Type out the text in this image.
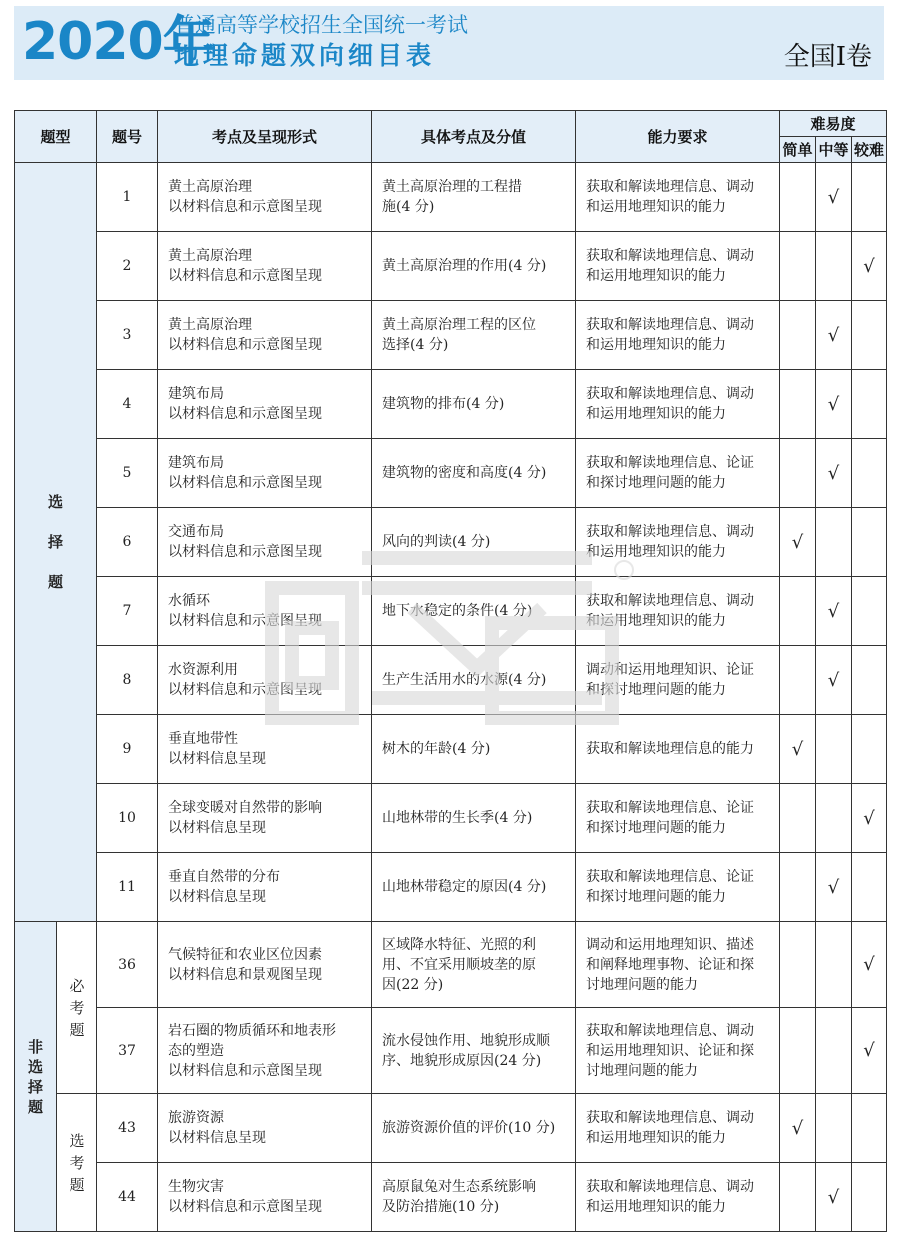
2020年
普通高等学校招生全国统一考试
地理命题双向细目表	全国Ⅰ卷
题型		题号	考点及呈现形式	具体考点及分值	能力要求	难易度		
						简单	中等	较难
选择题		1	黄土高原治理
以材料信息和示意图呈现	黄土高原治理的工程措
施(4 分)	获取和解读地理信息、调动
和运用地理知识的能力		√	
		2	黄土高原治理
以材料信息和示意图呈现	黄土高原治理的作用(4 分)	获取和解读地理信息、调动
和运用地理知识的能力			√
		3	黄土高原治理
以材料信息和示意图呈现	黄土高原治理工程的区位
选择(4 分)	获取和解读地理信息、调动
和运用地理知识的能力		√	
		4	建筑布局
以材料信息和示意图呈现	建筑物的排布(4 分)	获取和解读地理信息、调动
和运用地理知识的能力		√	
		5	建筑布局
以材料信息和示意图呈现	建筑物的密度和高度(4 分)	获取和解读地理信息、论证
和探讨地理问题的能力		√	
		6	交通布局
以材料信息和示意图呈现	风向的判读(4 分)	获取和解读地理信息、调动
和运用地理知识的能力	√		
		7	水循环
以材料信息和示意图呈现	地下水稳定的条件(4 分)	获取和解读地理信息、调动
和运用地理知识的能力		√	
		8	水资源利用
以材料信息和示意图呈现	生产生活用水的水源(4 分)	调动和运用地理知识、论证
和探讨地理问题的能力		√	
		9	垂直地带性
以材料信息呈现	树木的年龄(4 分)	获取和解读地理信息的能力	√		
		10	全球变暖对自然带的影响
以材料信息呈现	山地林带的生长季(4 分)	获取和解读地理信息、论证
和探讨地理问题的能力			√
		11	垂直自然带的分布
以材料信息呈现	山地林带稳定的原因(4 分)	获取和解读地理信息、论证
和探讨地理问题的能力		√	
非选择题	必考题	36	气候特征和农业区位因素
以材料信息和景观图呈现	区域降水特征、光照的利
用、不宜采用顺坡垄的原
因(22 分)	调动和运用地理知识、描述
和阐释地理事物、论证和探
讨地理问题的能力			√
		37	岩石圈的物质循环和地表形
态的塑造
以材料信息和示意图呈现	流水侵蚀作用、地貌形成顺
序、地貌形成原因(24 分)	获取和解读地理信息、调动
和运用地理知识、论证和探
讨地理问题的能力			√
	选考题	43	旅游资源
以材料信息呈现	旅游资源价值的评价(10 分)	获取和解读地理信息、调动
和运用地理知识的能力	√		
		44	生物灾害
以材料信息和示意图呈现	高原鼠兔对生态系统影响
及防治措施(10 分)	获取和解读地理信息、调动
和运用地理知识的能力		√	
